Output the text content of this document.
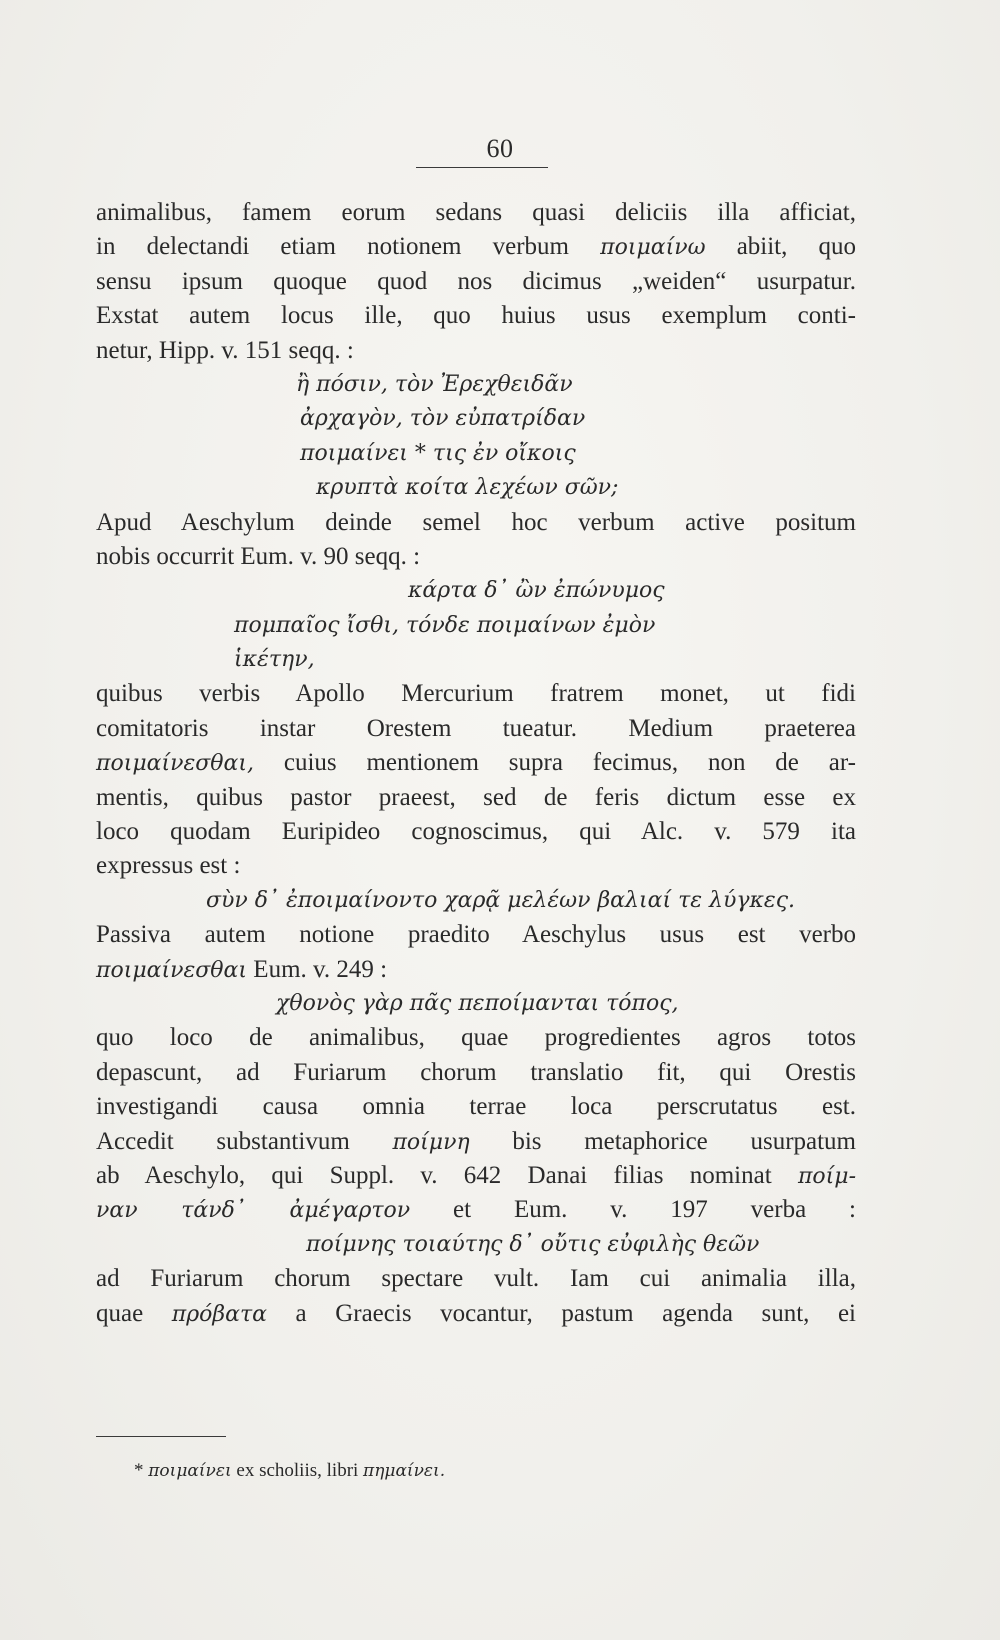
60
animalibus, famem eorum sedans quasi deliciis illa afficiat,
in delectandi etiam notionem verbum ποιμαίνω abiit, quo
sensu ipsum quoque quod nos dicimus „weiden“ usurpatur.
Exstat autem locus ille, quo huius usus exemplum conti-
netur, Hipp. v. 151 seqq. :
ἢ πόσιν, τὸν Ἐρεχθειδᾶν
ἀρχαγὸν, τὸν εὐπατρίδαν
ποιμαίνει * τις ἐν οἴκοις
κρυπτὰ κοίτα λεχέων σῶν;
Apud Aeschylum deinde semel hoc verbum active positum
nobis occurrit Eum. v. 90 seqq. :
κάρτα δ᾽ ὢν ἐπώνυμος
πομπαῖος ἴσθι, τόνδε ποιμαίνων ἐμὸν
ἱκέτην,
quibus verbis Apollo Mercurium fratrem monet, ut fidi
comitatoris instar Orestem tueatur. Medium praeterea
ποιμαίνεσθαι, cuius mentionem supra fecimus, non de ar-
mentis, quibus pastor praeest, sed de feris dictum esse ex
loco quodam Euripideo cognoscimus, qui Alc. v. 579 ita
expressus est :
σὺν δ᾽ ἐποιμαίνοντο χαρᾷ μελέων βαλιαί τε λύγκες.
Passiva autem notione praedito Aeschylus usus est verbo
ποιμαίνεσθαι Eum. v. 249 :
χθονὸς γὰρ πᾶς πεποίμανται τόπος,
quo loco de animalibus, quae progredientes agros totos
depascunt, ad Furiarum chorum translatio fit, qui Orestis
investigandi causa omnia terrae loca perscrutatus est.
Accedit substantivum ποίμνη bis metaphorice usurpatum
ab Aeschylo, qui Suppl. v. 642 Danai filias nominat ποίμ-
ναν τάνδ᾽ ἀμέγαρτον et Eum. v. 197 verba :
ποίμνης τοιαύτης δ᾽ οὔτις εὐφιλὴς θεῶν
ad Furiarum chorum spectare vult. Iam cui animalia illa,
quae πρόβατα a Graecis vocantur, pastum agenda sunt, ei
* ποιμαίνει ex scholiis, libri πημαίνει.
